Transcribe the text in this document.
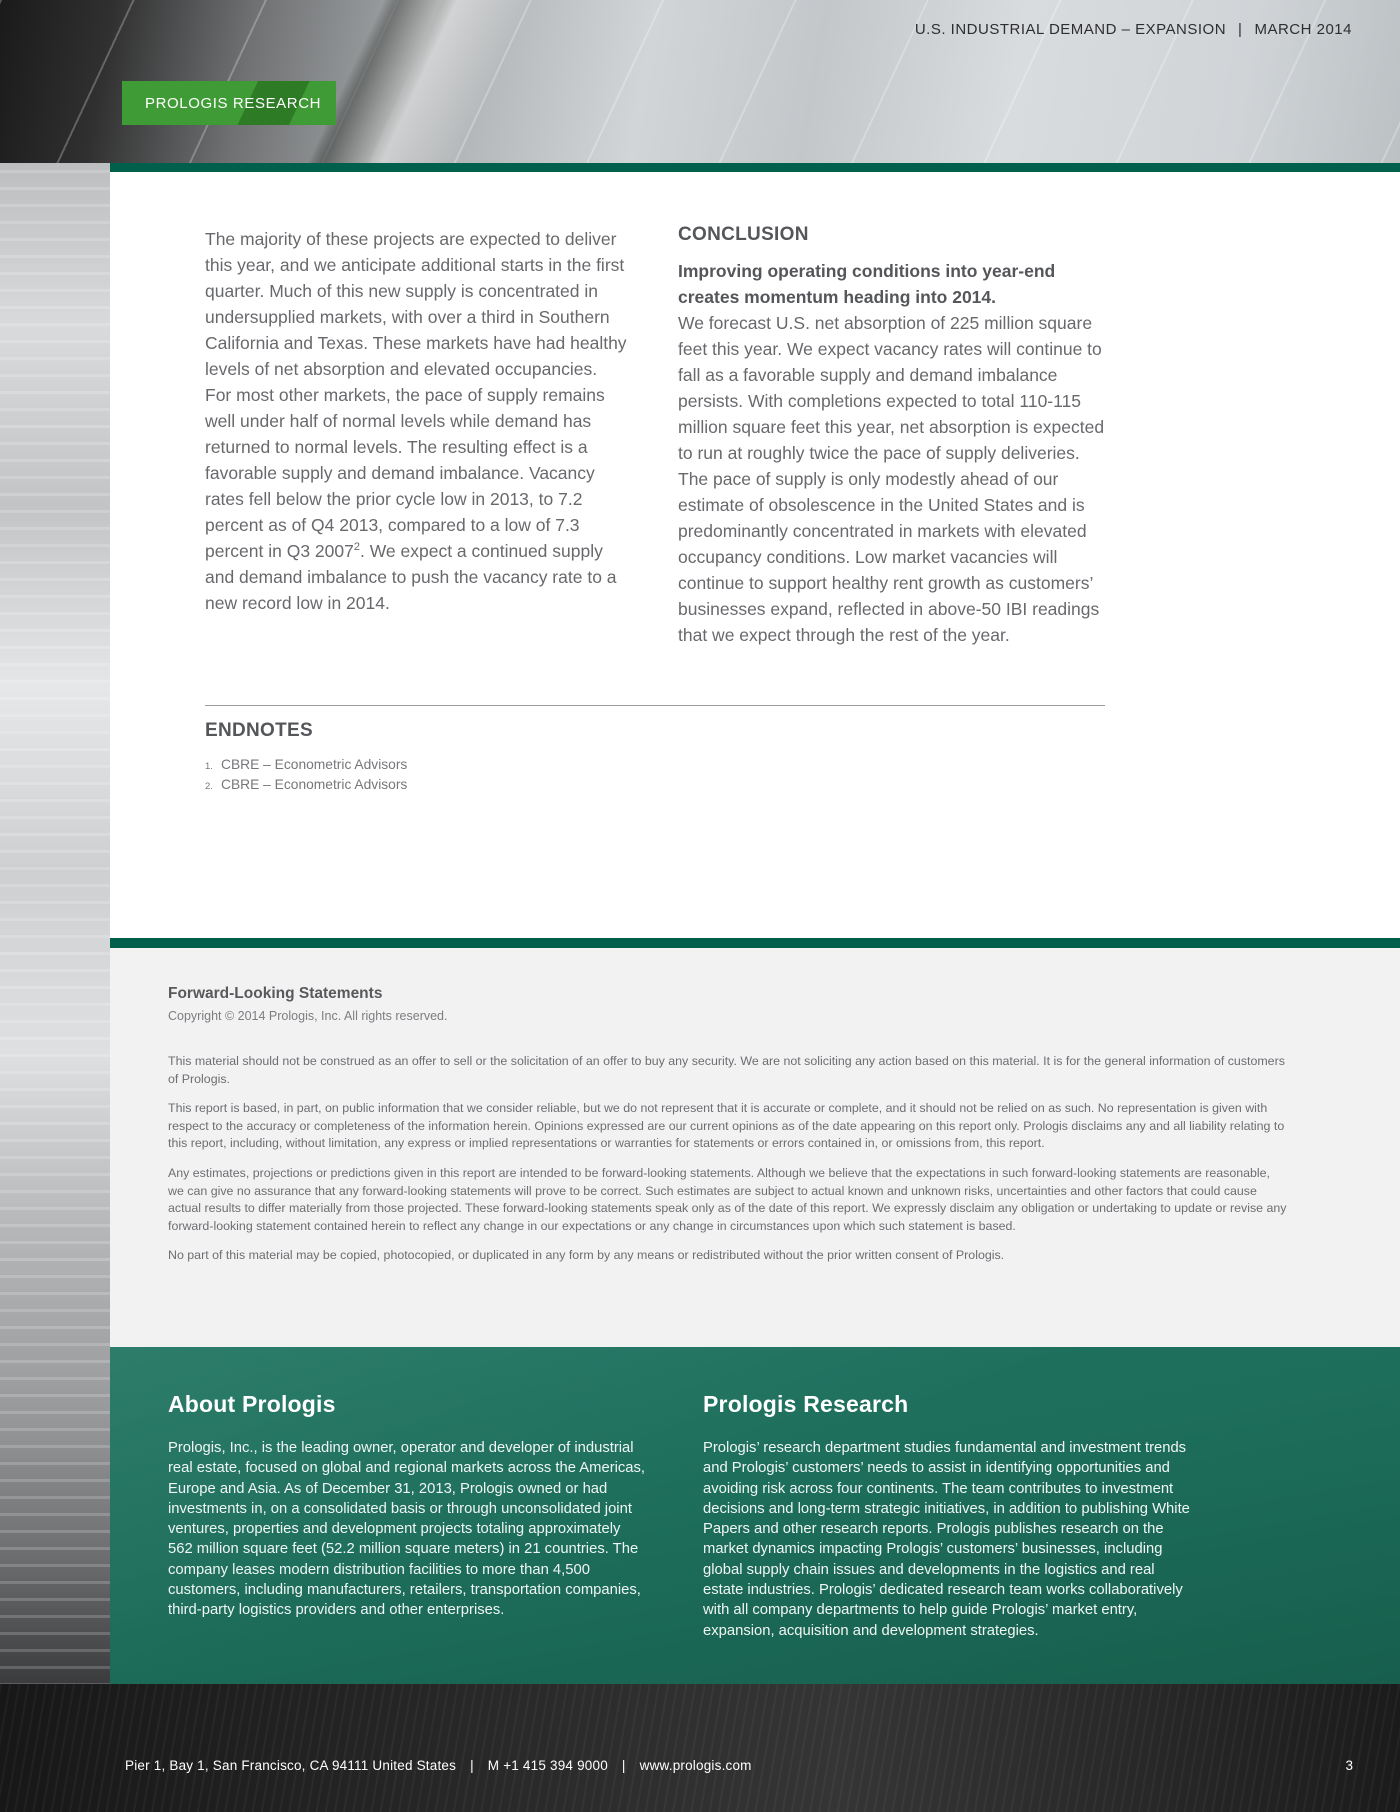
U.S. INDUSTRIAL DEMAND – EXPANSION | MARCH 2014
PROLOGIS RESEARCH
The majority of these projects are expected to deliver this year, and we anticipate additional starts in the first quarter. Much of this new supply is concentrated in undersupplied markets, with over a third in Southern California and Texas. These markets have had healthy levels of net absorption and elevated occupancies. For most other markets, the pace of supply remains well under half of normal levels while demand has returned to normal levels. The resulting effect is a favorable supply and demand imbalance. Vacancy rates fell below the prior cycle low in 2013, to 7.2 percent as of Q4 2013, compared to a low of 7.3 percent in Q3 2007$^2$. We expect a continued supply and demand imbalance to push the vacancy rate to a new record low in 2014.
CONCLUSION
Improving operating conditions into year-end creates momentum heading into 2014.
We forecast U.S. net absorption of 225 million square feet this year. We expect vacancy rates will continue to fall as a favorable supply and demand imbalance persists. With completions expected to total 110-115 million square feet this year, net absorption is expected to run at roughly twice the pace of supply deliveries. The pace of supply is only modestly ahead of our estimate of obsolescence in the United States and is predominantly concentrated in markets with elevated occupancy conditions. Low market vacancies will continue to support healthy rent growth as customers’ businesses expand, reflected in above-50 IBI readings that we expect through the rest of the year.
ENDNOTES
1. CBRE – Econometric Advisors
2. CBRE – Econometric Advisors
Forward-Looking Statements
Copyright © 2014 Prologis, Inc. All rights reserved.

This material should not be construed as an offer to sell or the solicitation of an offer to buy any security. We are not soliciting any action based on this material. It is for the general information of customers of Prologis.

This report is based, in part, on public information that we consider reliable, but we do not represent that it is accurate or complete, and it should not be relied on as such. No representation is given with respect to the accuracy or completeness of the information herein. Opinions expressed are our current opinions as of the date appearing on this report only. Prologis disclaims any and all liability relating to this report, including, without limitation, any express or implied representations or warranties for statements or errors contained in, or omissions from, this report.

Any estimates, projections or predictions given in this report are intended to be forward-looking statements. Although we believe that the expectations in such forward-looking statements are reasonable, we can give no assurance that any forward-looking statements will prove to be correct. Such estimates are subject to actual known and unknown risks, uncertainties and other factors that could cause actual results to differ materially from those projected. These forward-looking statements speak only as of the date of this report. We expressly disclaim any obligation or undertaking to update or revise any forward-looking statement contained herein to reflect any change in our expectations or any change in circumstances upon which such statement is based.

No part of this material may be copied, photocopied, or duplicated in any form by any means or redistributed without the prior written consent of Prologis.

About Prologis
Prologis, Inc., is the leading owner, operator and developer of industrial real estate, focused on global and regional markets across the Americas, Europe and Asia. As of December 31, 2013, Prologis owned or had investments in, on a consolidated basis or through unconsolidated joint ventures, properties and development projects totaling approximately 562 million square feet (52.2 million square meters) in 21 countries. The company leases modern distribution facilities to more than 4,500 customers, including manufacturers, retailers, transportation companies, third-party logistics providers and other enterprises.
Prologis Research
Prologis’ research department studies fundamental and investment trends and Prologis’ customers’ needs to assist in identifying opportunities and avoiding risk across four continents. The team contributes to investment decisions and long-term strategic initiatives, in addition to publishing White Papers and other research reports. Prologis publishes research on the market dynamics impacting Prologis’ customers’ businesses, including global supply chain issues and developments in the logistics and real estate industries. Prologis’ dedicated research team works collaboratively with all company departments to help guide Prologis’ market entry, expansion, acquisition and development strategies.
Pier 1, Bay 1, San Francisco, CA 94111 United States | M +1 415 394 9000 | www.prologis.com	3
